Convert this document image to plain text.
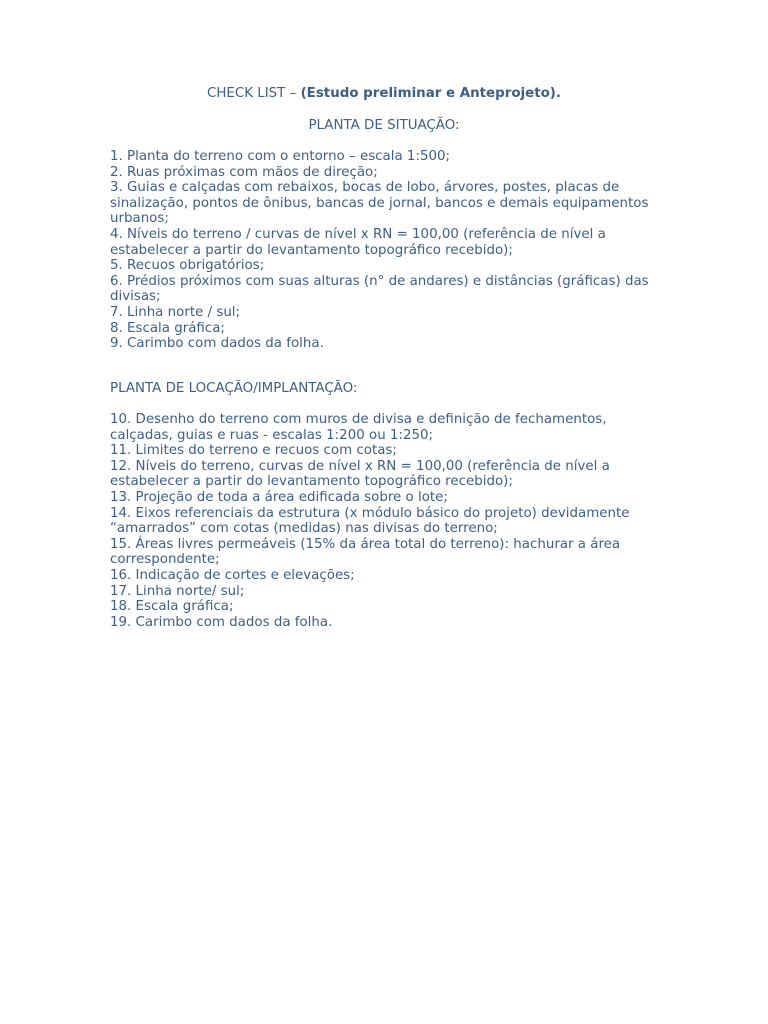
CHECK LIST – (Estudo preliminar e Anteprojeto).
PLANTA DE SITUAÇÃO:
1. Planta do terreno com o entorno – escala 1:500;
2. Ruas próximas com mãos de direção;
3. Guias e calçadas com rebaixos, bocas de lobo, árvores, postes, placas de sinalização, pontos de ônibus, bancas de jornal, bancos e demais equipamentos urbanos;
4. Níveis do terreno / curvas de nível x RN = 100,00 (referência de nível a estabelecer a partir do levantamento topográfico recebido);
5. Recuos obrigatórios;
6. Prédios próximos com suas alturas (n° de andares) e distâncias (gráficas) das divisas;
7. Linha norte / sul;
8. Escala gráfica;
9. Carimbo com dados da folha.
PLANTA DE LOCAÇÃO/IMPLANTAÇÃO:
10. Desenho do terreno com muros de divisa e definição de fechamentos, calçadas, guias e ruas - escalas 1:200 ou 1:250;
11. Limites do terreno e recuos com cotas;
12. Níveis do terreno, curvas de nível x RN = 100,00 (referência de nível a estabelecer a partir do levantamento topográfico recebido);
13. Projeção de toda a área edificada sobre o lote;
14. Eixos referenciais da estrutura (x módulo básico do projeto) devidamente “amarrados” com cotas (medidas) nas divisas do terreno;
15. Áreas livres permeáveis (15% da área total do terreno): hachurar a área correspondente;
16. Indicação de cortes e elevações;
17. Linha norte/ sul;
18. Escala gráfica;
19. Carimbo com dados da folha.
